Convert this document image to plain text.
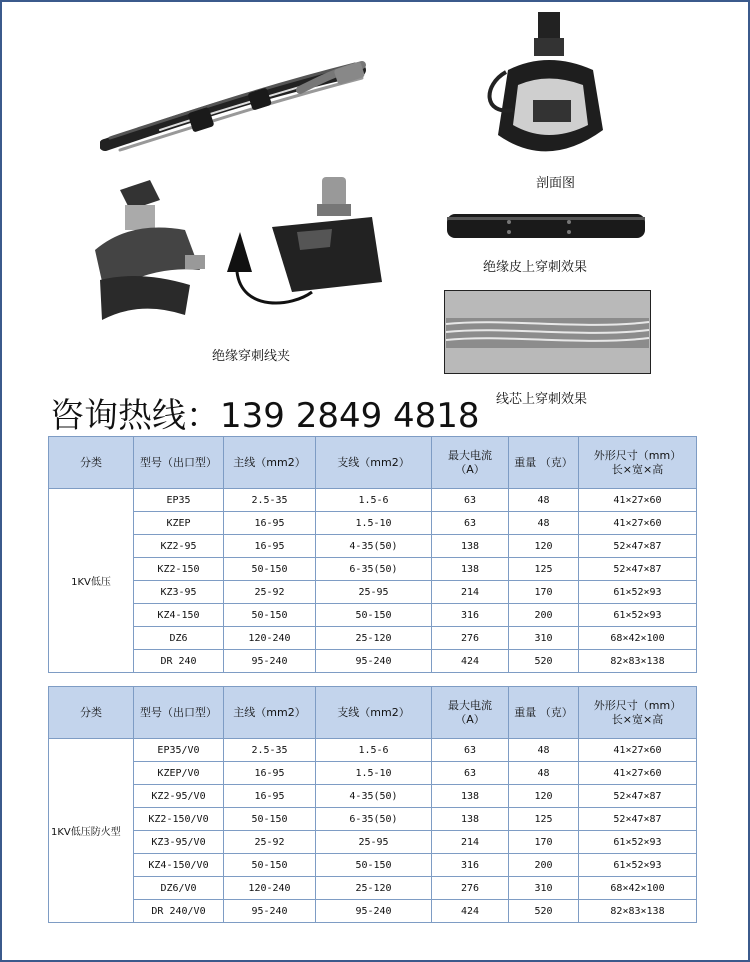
剖面图
绝缘皮上穿刺效果
绝缘穿刺线夹
线芯上穿刺效果
咨询热线：139 2849 4818
分类	型号（出口型）	主线（mm2）	支线（mm2）	最大电流
（A）	重量 （克）	外形尺寸（mm）
长×宽×高
1KV低压	EP35	2.5-35	1.5-6	63	48	41×27×60
	KZEP	16-95	1.5-10	63	48	41×27×60
	KZ2-95	16-95	4-35(50)	138	120	52×47×87
	KZ2-150	50-150	6-35(50)	138	125	52×47×87
	KZ3-95	25-92	25-95	214	170	61×52×93
	KZ4-150	50-150	50-150	316	200	61×52×93
	DZ6	120-240	25-120	276	310	68×42×100
	DR 240	95-240	95-240	424	520	82×83×138
分类	型号（出口型）	主线（mm2）	支线（mm2）	最大电流
（A）	重量 （克）	外形尺寸（mm）
长×宽×高
1KV低压防火型	EP35/V0	2.5-35	1.5-6	63	48	41×27×60
	KZEP/V0	16-95	1.5-10	63	48	41×27×60
	KZ2-95/V0	16-95	4-35(50)	138	120	52×47×87
	KZ2-150/V0	50-150	6-35(50)	138	125	52×47×87
	KZ3-95/V0	25-92	25-95	214	170	61×52×93
	KZ4-150/V0	50-150	50-150	316	200	61×52×93
	DZ6/V0	120-240	25-120	276	310	68×42×100
	DR 240/V0	95-240	95-240	424	520	82×83×138
